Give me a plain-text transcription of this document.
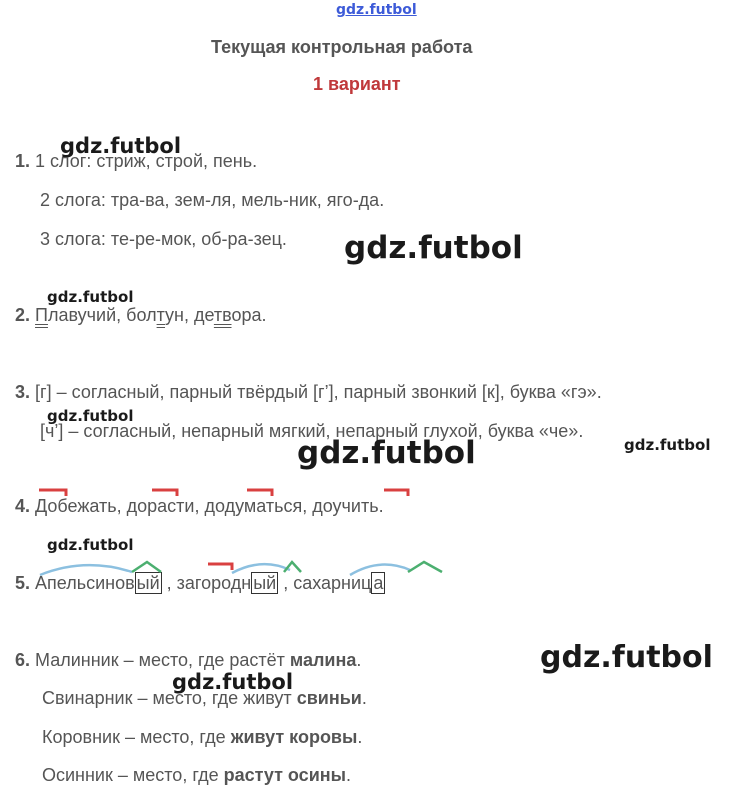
gdz.futbol
Текущая контрольная работа
1 вариант
gdz.futbol
1. 1 слог: стриж, строй, пень.
2 слога: тра-ва, зем-ля, мель-ник, яго-да.
3 слога: те-ре-мок, об-ра-зец. gdz.futbol
gdz.futbol
2. Плавучий, болтун, детвора.
3. [г] – согласный, парный твёрдый [г’], парный звонкий [к], буква «гэ».
gdz.futbol
[ч’] – согласный, непарный мягкий, непарный глухой, буква «че».
gdz.futbol
gdz.futbol
4. Добежать, дорасти, додуматься, доучить.
gdz.futbol
5. Апельсинов ый , загородн ый , сахарниц а
gdz.futbol
6. Малинник – место, где растёт малина.
gdz.futbol
Свинарник – место, где живут свиньи.
Коровник – место, где живут коровы.
Осинник – место, где растут осины.
